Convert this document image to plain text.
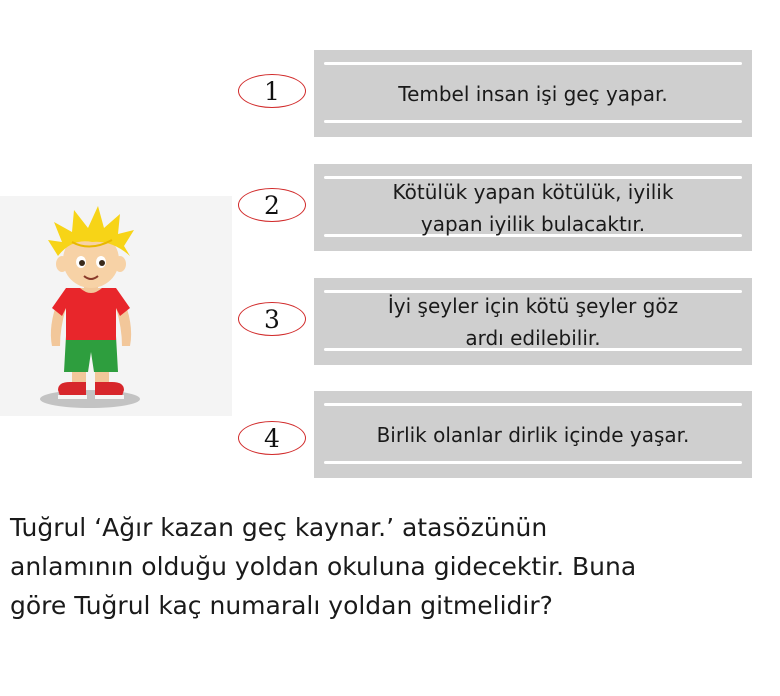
1	Tembel insan işi geç yapar.
2	Kötülük yapan kötülük, iyilik
yapan iyilik bulacaktır.
3	İyi şeyler için kötü şeyler göz
ardı edilebilir.
4	Birlik olanlar dirlik içinde yaşar.
Tuğrul ‘Ağır kazan geç kaynar.’ atasözünün
anlamının olduğu yoldan okuluna gidecektir. Buna
göre Tuğrul kaç numaralı yoldan gitmelidir?
